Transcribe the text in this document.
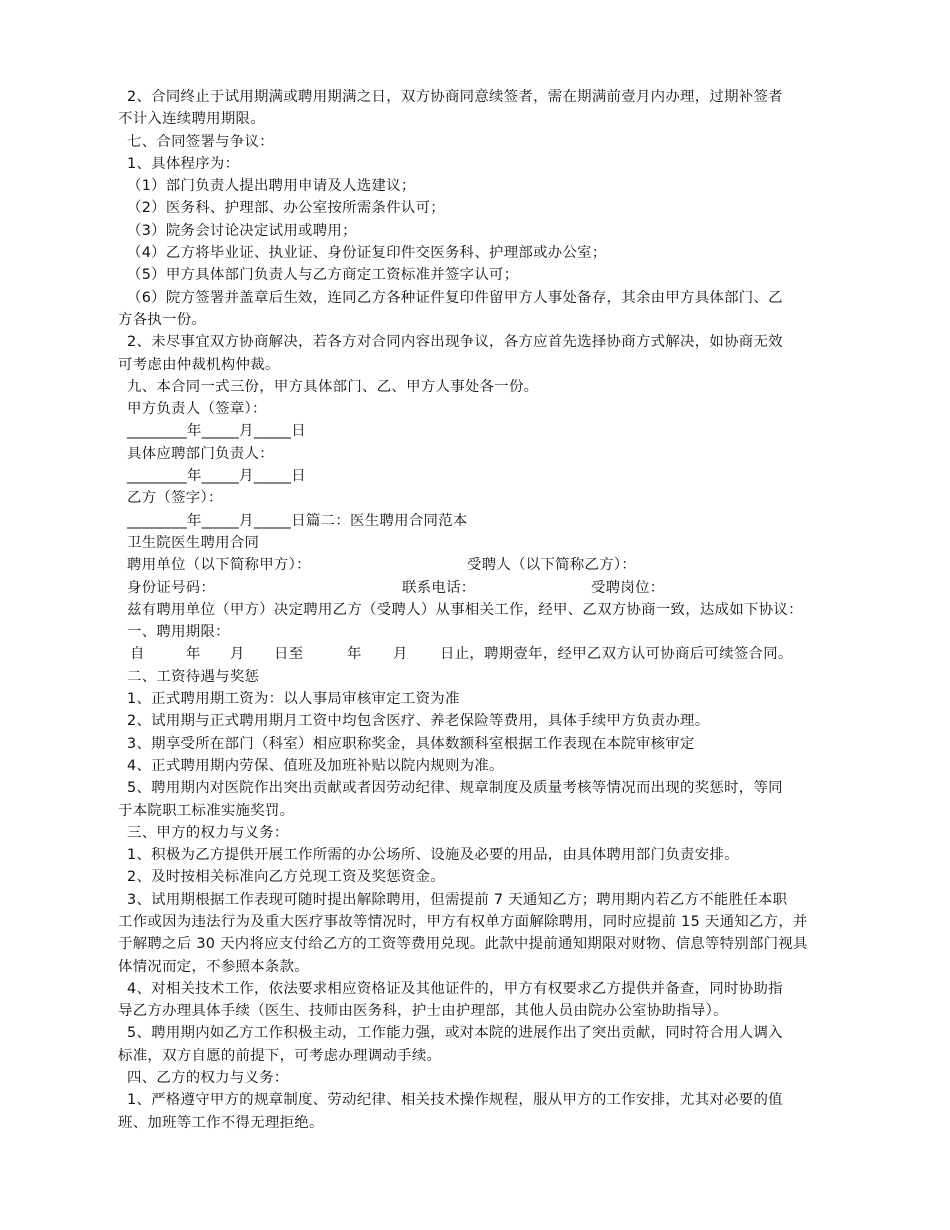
2、合同终止于试用期满或聘用期满之日，双方协商同意续签者，需在期满前壹月内办理，过期补签者
不计入连续聘用期限。
七、合同签署与争议：
1、具体程序为：
（1）部门负责人提出聘用申请及人选建议；
（2）医务科、护理部、办公室按所需条件认可；
（3）院务会讨论决定试用或聘用；
（4）乙方将毕业证、执业证、身份证复印件交医务科、护理部或办公室；
（5）甲方具体部门负责人与乙方商定工资标准并签字认可；
（6）院方签署并盖章后生效，连同乙方各种证件复印件留甲方人事处备存，其余由甲方具体部门、乙
方各执一份。
2、未尽事宜双方协商解决，若各方对合同内容出现争议，各方应首先选择协商方式解决，如协商无效
可考虑由仲裁机构仲裁。
九、本合同一式三份，甲方具体部门、乙、甲方人事处各一份。
甲方负责人（签章）：
________年_____月_____日
具体应聘部门负责人：
________年_____月_____日
乙方（签字）：
________年_____月_____日篇二：医生聘用合同范本
卫生院医生聘用合同
聘用单位（以下简称甲方）：	受聘人（以下简称乙方）：
身份证号码：	联系电话：	受聘岗位：
兹有聘用单位（甲方）决定聘用乙方（受聘人）从事相关工作，经甲、乙双方协商一致，达成如下协议：
一、聘用期限：
自	年 月 日至	年 月 日止，聘期壹年，经甲乙双方认可协商后可续签合同。
二、工资待遇与奖惩
1、正式聘用期工资为：以人事局审核审定工资为准
2、试用期与正式聘用期月工资中均包含医疗、养老保险等费用，具体手续甲方负责办理。
3、期享受所在部门（科室）相应职称奖金，具体数额科室根据工作表现在本院审核审定
4、正式聘用期内劳保、值班及加班补贴以院内规则为准。
5、聘用期内对医院作出突出贡献或者因劳动纪律、规章制度及质量考核等情况而出现的奖惩时，等同
于本院职工标准实施奖罚。
三、甲方的权力与义务：
1、积极为乙方提供开展工作所需的办公场所、设施及必要的用品，由具体聘用部门负责安排。
2、及时按相关标准向乙方兑现工资及奖惩资金。
3、试用期根据工作表现可随时提出解除聘用，但需提前 7 天通知乙方；聘用期内若乙方不能胜任本职
工作或因为违法行为及重大医疗事故等情况时，甲方有权单方面解除聘用，同时应提前 15 天通知乙方，并
于解聘之后 30 天内将应支付给乙方的工资等费用兑现。此款中提前通知期限对财物、信息等特别部门视具
体情况而定，不参照本条款。
4、对相关技术工作，依法要求相应资格证及其他证件的，甲方有权要求乙方提供并备查，同时协助指
导乙方办理具体手续（医生、技师由医务科，护士由护理部，其他人员由院办公室协助指导）。
5、聘用期内如乙方工作积极主动，工作能力强，或对本院的进展作出了突出贡献，同时符合用人调入
标准，双方自愿的前提下，可考虑办理调动手续。
四、乙方的权力与义务：
1、严格遵守甲方的规章制度、劳动纪律、相关技术操作规程，服从甲方的工作安排，尤其对必要的值
班、加班等工作不得无理拒绝。
